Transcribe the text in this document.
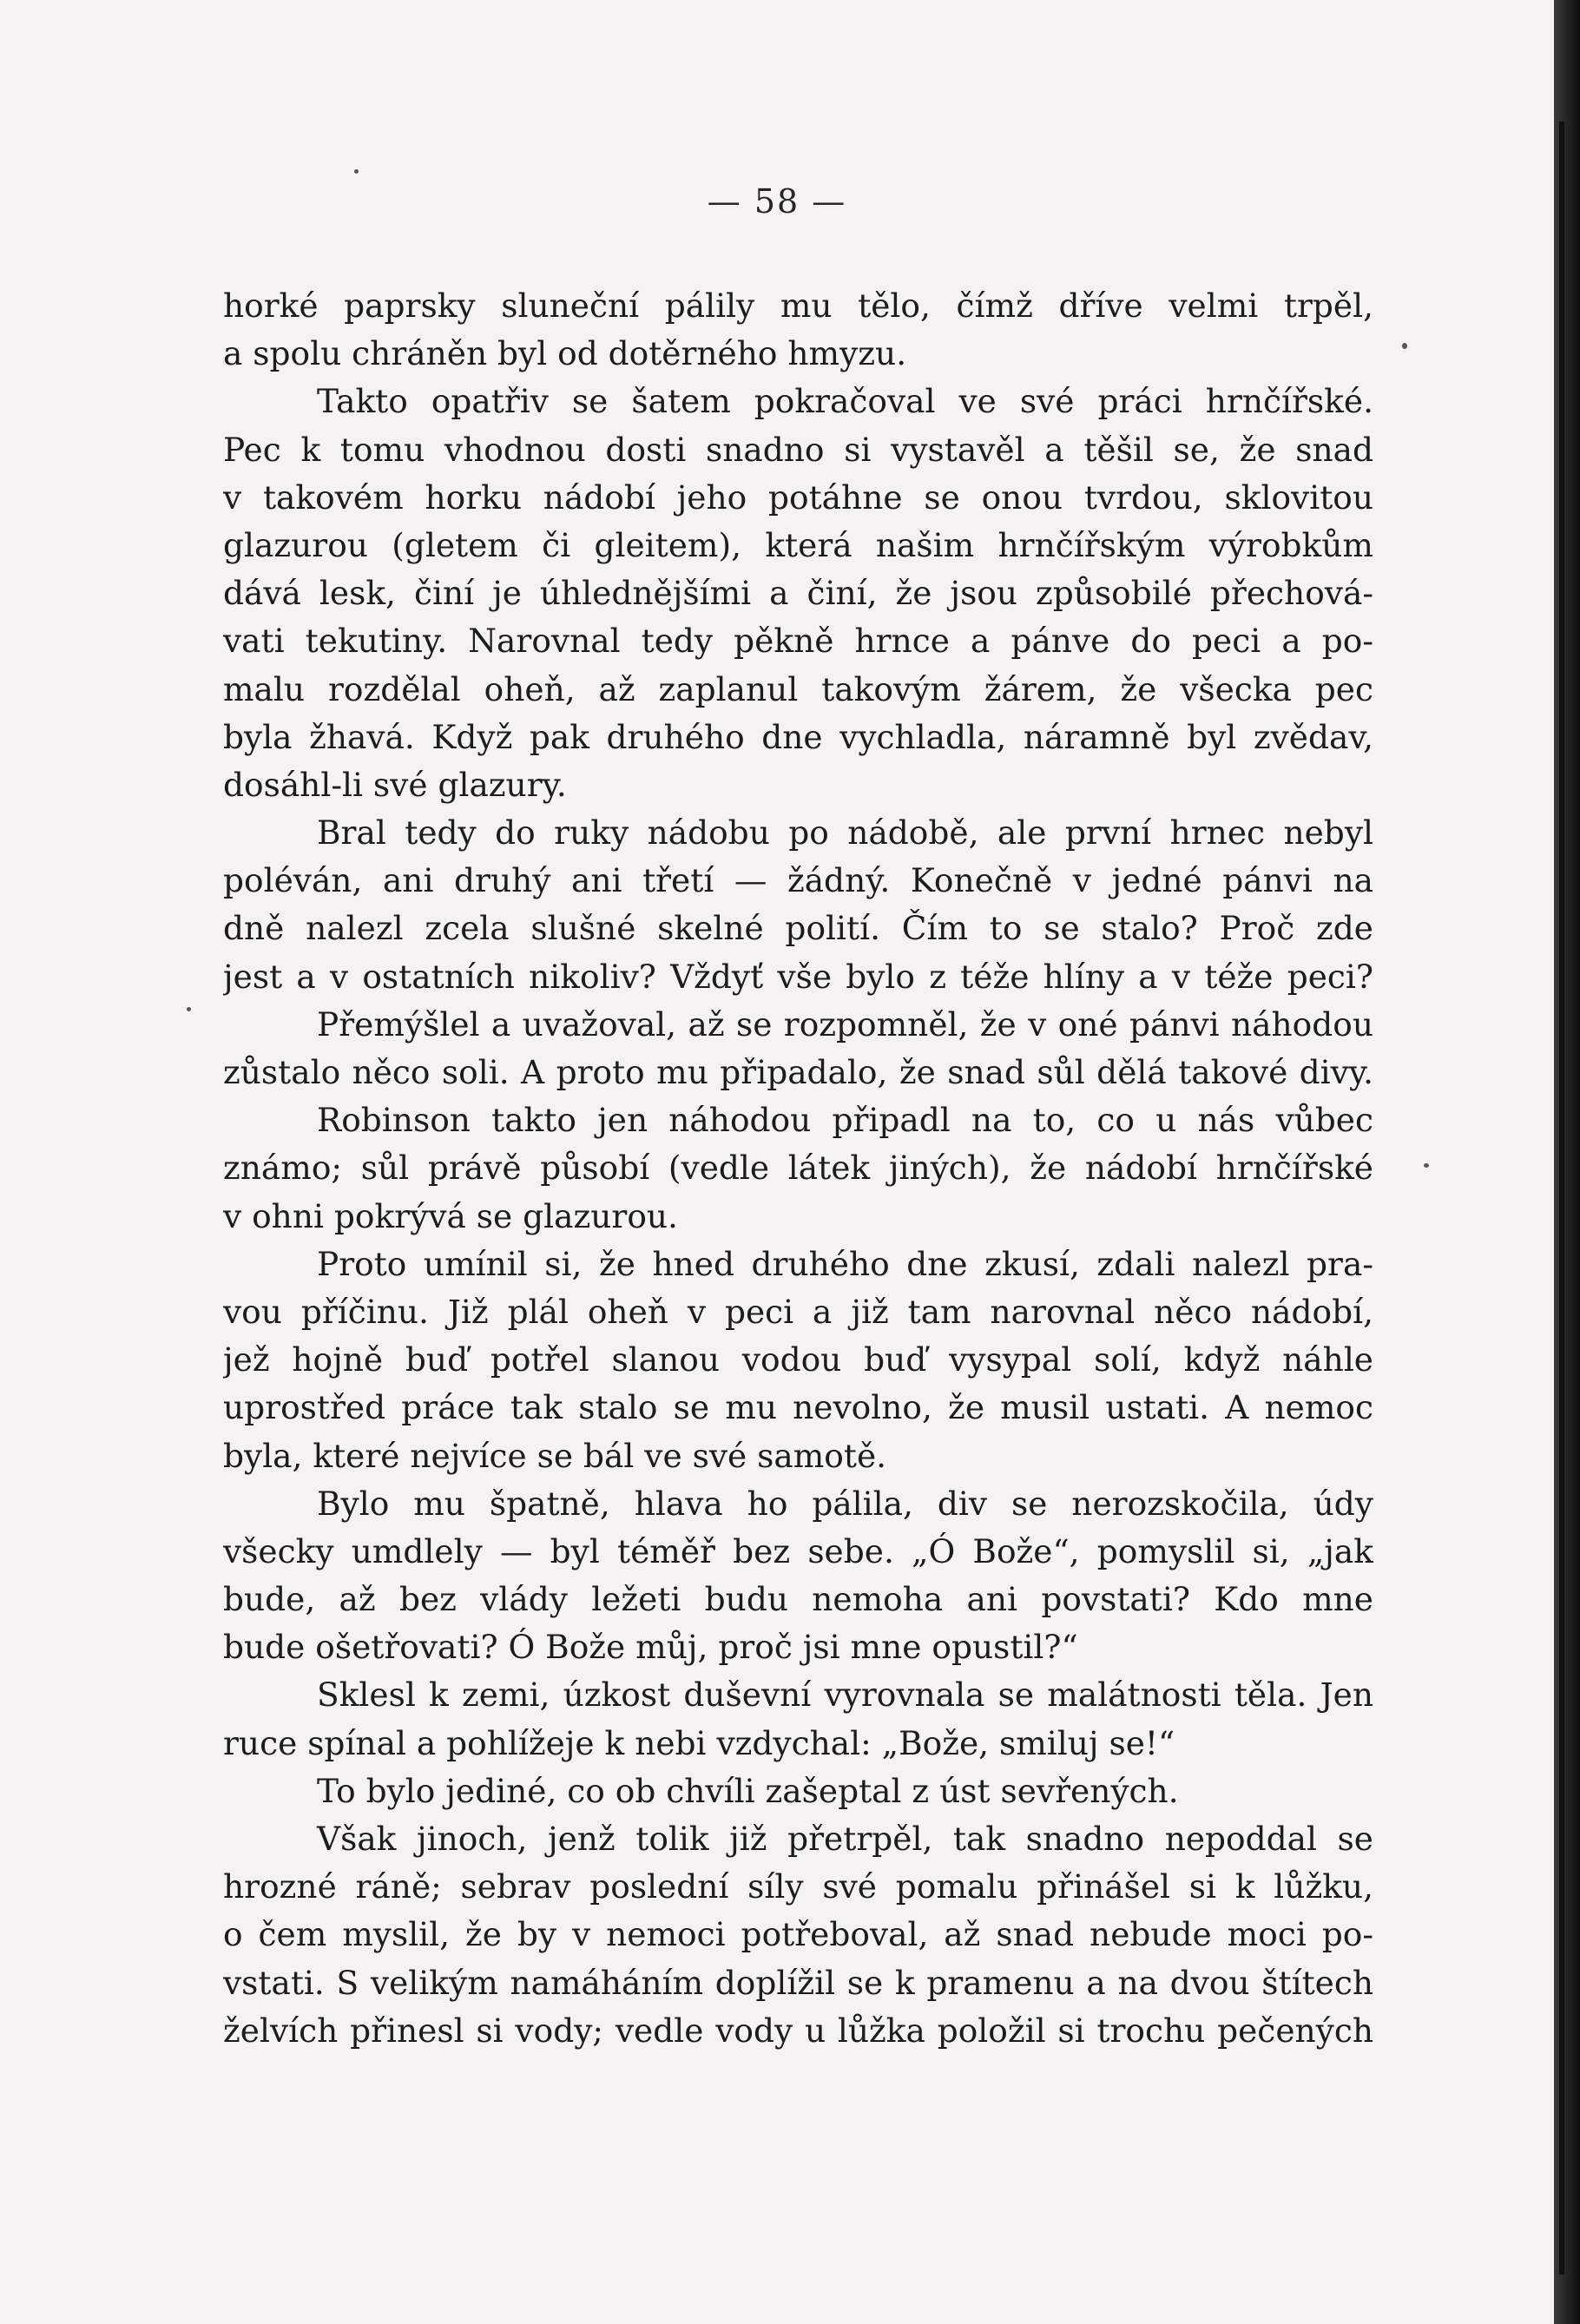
— 58 —
horké paprsky sluneční pálily mu tělo, čímž dříve velmi trpěl,
a spolu chráněn byl od dotěrného hmyzu.
Takto opatřiv se šatem pokračoval ve své práci hrnčířské.
Pec k tomu vhodnou dosti snadno si vystavěl a těšil se, že snad
v takovém horku nádobí jeho potáhne se onou tvrdou, sklovitou
glazurou (gletem či gleitem), která našim hrnčířským výrobkům
dává lesk, činí je úhlednějšími a činí, že jsou způsobilé přechová-
vati tekutiny. Narovnal tedy pěkně hrnce a pánve do peci a po-
malu rozdělal oheň, až zaplanul takovým žárem, že všecka pec
byla žhavá. Když pak druhého dne vychladla, náramně byl zvědav,
dosáhl-li své glazury.
Bral tedy do ruky nádobu po nádobě, ale první hrnec nebyl
poléván, ani druhý ani třetí — žádný. Konečně v jedné pánvi na
dně nalezl zcela slušné skelné polití. Čím to se stalo? Proč zde
jest a v ostatních nikoliv? Vždyť vše bylo z téže hlíny a v téže peci?
Přemýšlel a uvažoval, až se rozpomněl, že v oné pánvi náhodou
zůstalo něco soli. A proto mu připadalo, že snad sůl dělá takové divy.
Robinson takto jen náhodou připadl na to, co u nás vůbec
známo; sůl právě působí (vedle látek jiných), že nádobí hrnčířské
v ohni pokrývá se glazurou.
Proto umínil si, že hned druhého dne zkusí, zdali nalezl pra-
vou příčinu. Již plál oheň v peci a již tam narovnal něco nádobí,
jež hojně buď potřel slanou vodou buď vysypal solí, když náhle
uprostřed práce tak stalo se mu nevolno, že musil ustati. A nemoc
byla, které nejvíce se bál ve své samotě.
Bylo mu špatně, hlava ho pálila, div se nerozskočila, údy
všecky umdlely — byl téměř bez sebe. „Ó Bože“, pomyslil si, „jak
bude, až bez vlády ležeti budu nemoha ani povstati? Kdo mne
bude ošetřovati? Ó Bože můj, proč jsi mne opustil?“
Sklesl k zemi, úzkost duševní vyrovnala se malátnosti těla. Jen
ruce spínal a pohlížeje k nebi vzdychal: „Bože, smiluj se!“
To bylo jediné, co ob chvíli zašeptal z úst sevřených.
Však jinoch, jenž tolik již přetrpěl, tak snadno nepoddal se
hrozné ráně; sebrav poslední síly své pomalu přinášel si k lůžku,
o čem myslil, že by v nemoci potřeboval, až snad nebude moci po-
vstati. S velikým namáháním doplížil se k pramenu a na dvou štítech
želvích přinesl si vody; vedle vody u lůžka položil si trochu pečených
